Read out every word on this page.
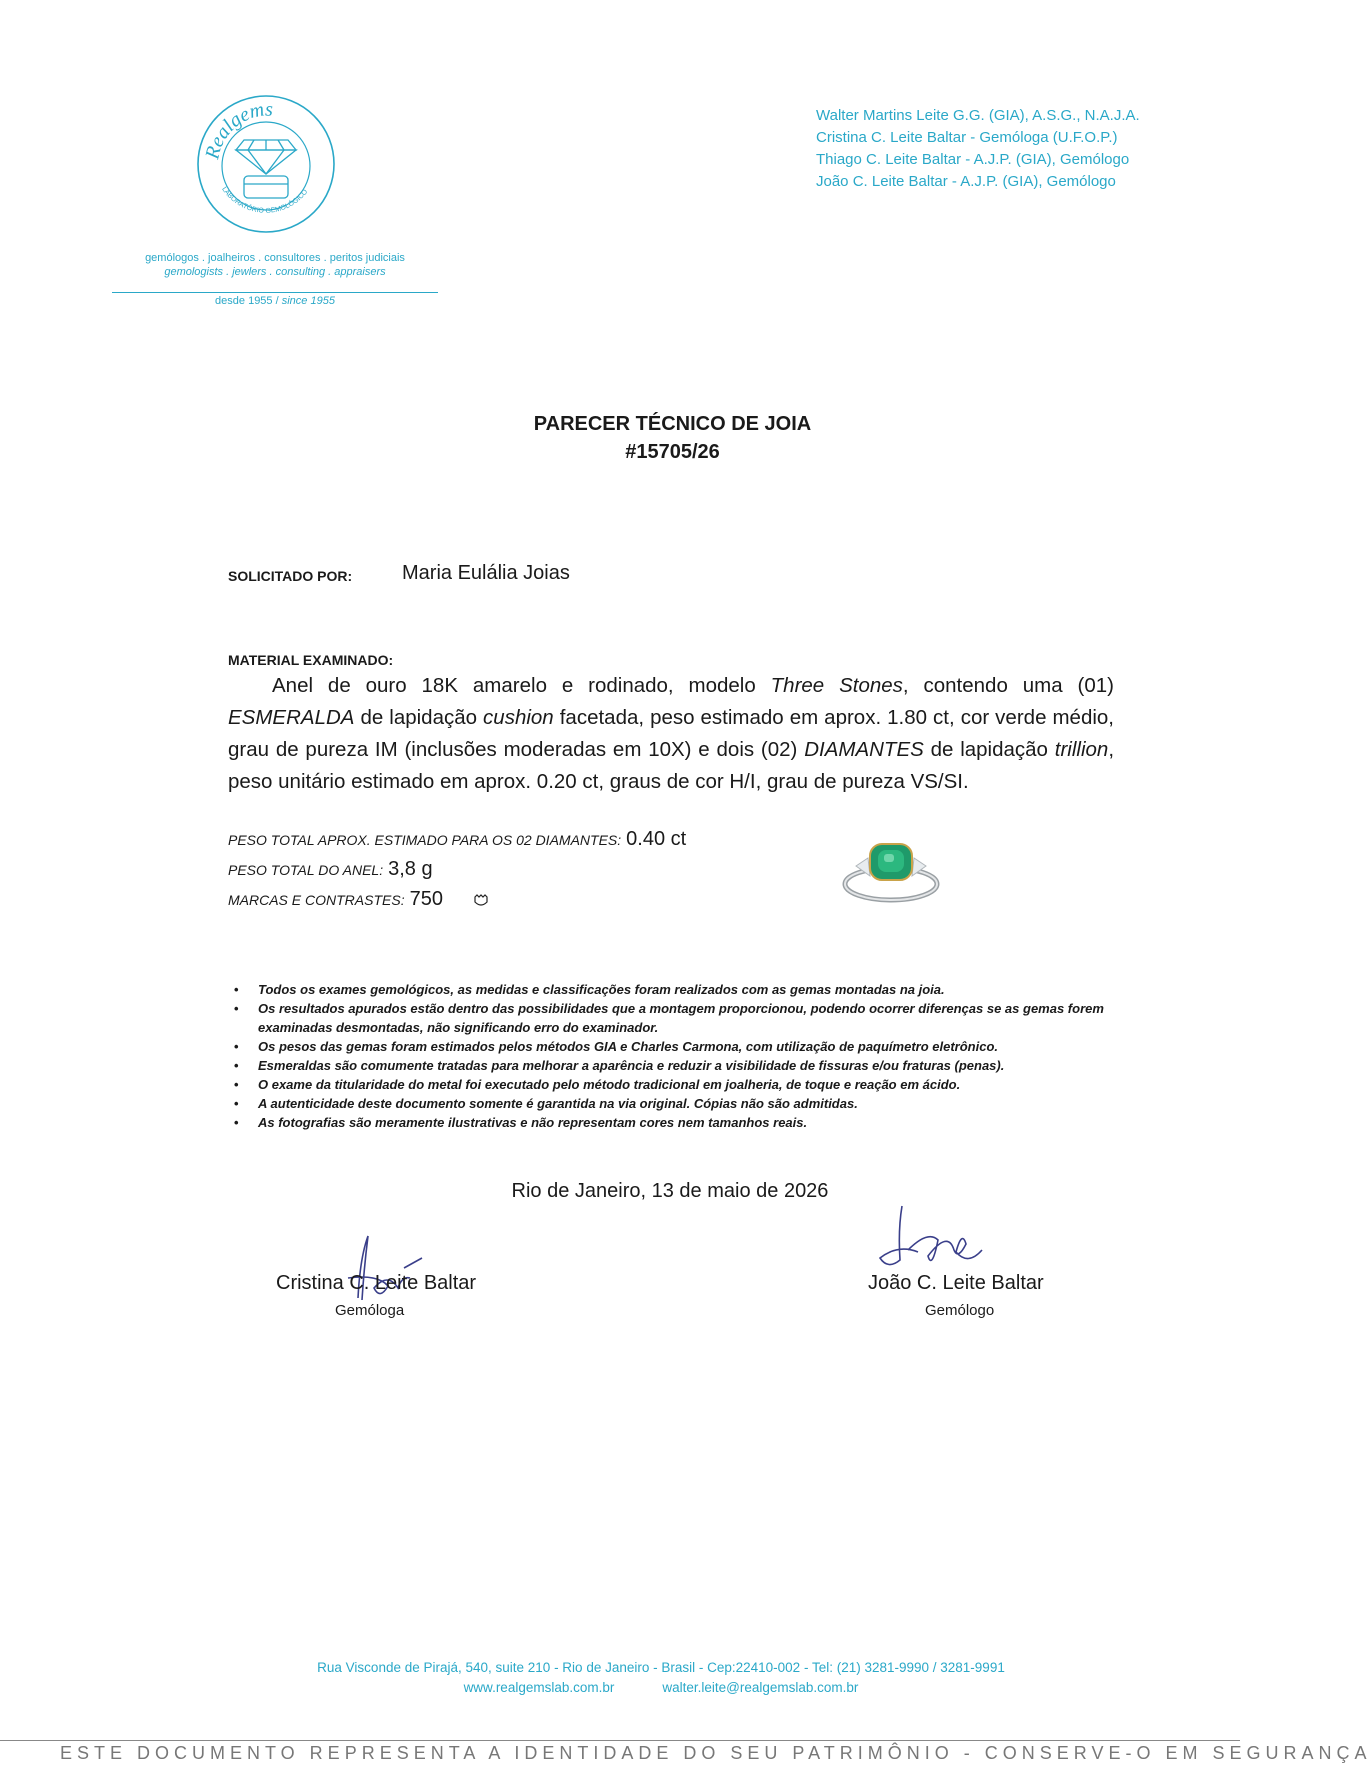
Realgems
LABORATÓRIO GEMOLÓGICO
gemólogos . joalheiros . consultores . peritos judiciais
gemologists . jewlers . consulting . appraisers
desde 1955 / since 1955
Walter Martins Leite G.G. (GIA), A.S.G., N.A.J.A.
Cristina C. Leite Baltar - Gemóloga (U.F.O.P.)
Thiago C. Leite Baltar - A.J.P. (GIA), Gemólogo
João C. Leite Baltar - A.J.P. (GIA), Gemólogo
PARECER TÉCNICO DE JOIA
#15705/26
SOLICITADO POR: Maria Eulália Joias
MATERIAL EXAMINADO:
Anel de ouro 18K amarelo e rodinado, modelo Three Stones, contendo uma (01) ESMERALDA de lapidação cushion facetada, peso estimado em aprox. 1.80 ct, cor verde médio, grau de pureza IM (inclusões moderadas em 10X) e dois (02) DIAMANTES de lapidação trillion, peso unitário estimado em aprox. 0.20 ct, graus de cor H/I, grau de pureza VS/SI.
PESO TOTAL APROX. ESTIMADO PARA OS 02 DIAMANTES: 0.40 ct
PESO TOTAL DO ANEL: 3,8 g
MARCAS E CONTRASTES: 750
• Todos os exames gemológicos, as medidas e classificações foram realizados com as gemas montadas na joia.
• Os resultados apurados estão dentro das possibilidades que a montagem proporcionou, podendo ocorrer diferenças se as gemas forem examinadas desmontadas, não significando erro do examinador.
• Os pesos das gemas foram estimados pelos métodos GIA e Charles Carmona, com utilização de paquímetro eletrônico.
• Esmeraldas são comumente tratadas para melhorar a aparência e reduzir a visibilidade de fissuras e/ou fraturas (penas).
• O exame da titularidade do metal foi executado pelo método tradicional em joalheria, de toque e reação em ácido.
• A autenticidade deste documento somente é garantida na via original. Cópias não são admitidas.
• As fotografias são meramente ilustrativas e não representam cores nem tamanhos reais.
Rio de Janeiro, 13 de maio de 2026
Cristina C. Leite Baltar
Gemóloga
João C. Leite Baltar
Gemólogo
Rua Visconde de Pirajá, 540, suite 210 - Rio de Janeiro - Brasil - Cep:22410-002 - Tel: (21) 3281-9990 / 3281-9991
www.realgemslab.com.br	walter.leite@realgemslab.com.br
ESTE DOCUMENTO REPRESENTA A IDENTIDADE DO SEU PATRIMÔNIO - CONSERVE-O EM SEGURANÇA
